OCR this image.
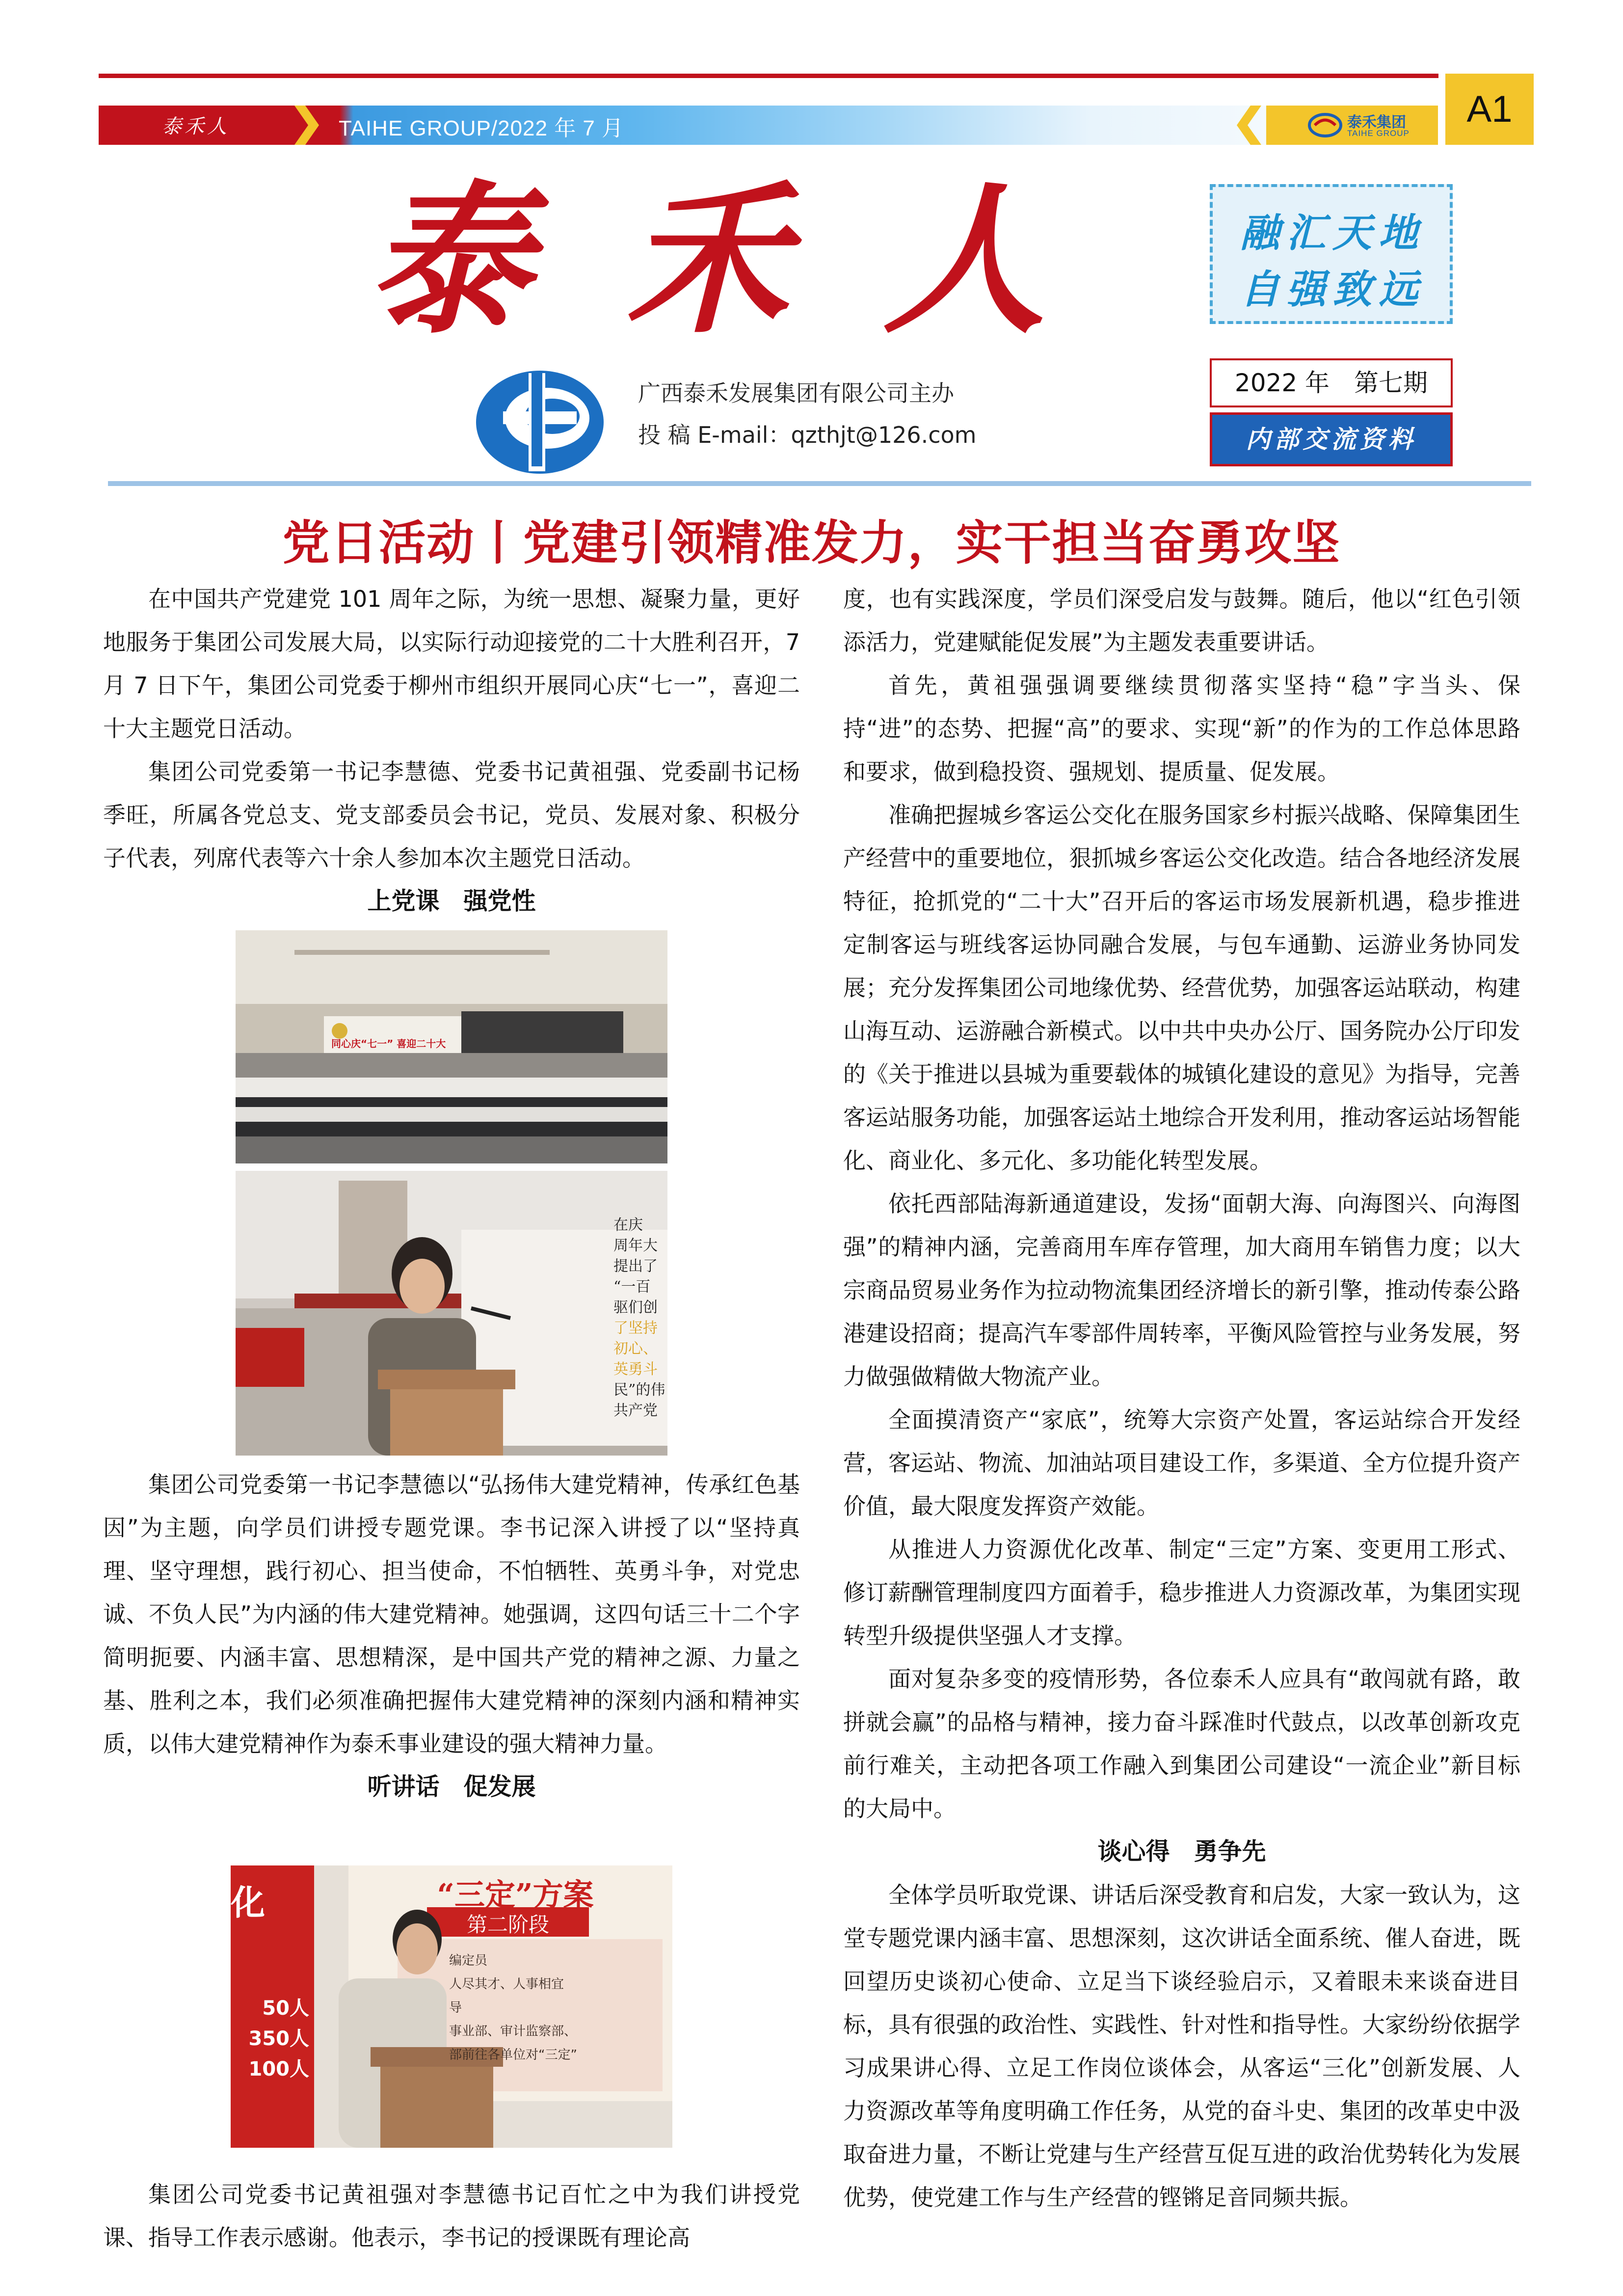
泰禾人	TAIHE GROUP/2022 年 7 月	泰禾集团
TAIHE GROUP
A1
泰 禾 人	融汇天地
自强致远
广西泰禾发展集团有限公司主办
投 稿 E-mail：qzthjt@126.com
2022 年　第七期
内部交流资料
党日活动丨党建引领精准发力，实干担当奋勇攻坚

在中国共产党建党 101 周年之际，为统一思想、凝聚力量，更好地服务于集团公司发展大局，以实际行动迎接党的二十大胜利召开，7 月 7 日下午，集团公司党委于柳州市组织开展同心庆“七一”，喜迎二十大主题党日活动。

集团公司党委第一书记李慧德、党委书记黄祖强、党委副书记杨季旺，所属各党总支、党支部委员会书记，党员、发展对象、积极分子代表，列席代表等六十余人参加本次主题党日活动。

上党课　强党性
同心庆“七一” 喜迎二十大
在庆
周年大
提出了
“一百
驱们创
了坚持
初心、
英勇斗
民”的伟
共产党

集团公司党委第一书记李慧德以“弘扬伟大建党精神，传承红色基因”为主题，向学员们讲授专题党课。李书记深入讲授了以“坚持真理、坚守理想，践行初心、担当使命，不怕牺牲、英勇斗争，对党忠诚、不负人民”为内涵的伟大建党精神。她强调，这四句话三十二个字简明扼要、内涵丰富、思想精深，是中国共产党的精神之源、力量之基、胜利之本，我们必须准确把握伟大建党精神的深刻内涵和精神实质，以伟大建党精神作为泰禾事业建设的强大精神力量。

听讲话　促发展
化
50人
350人
100人
“三定”方案
第二阶段
编定员
人尽其才、人事相宜
导
事业部、审计监察部、
部前往各单位对“三定”

集团公司党委书记黄祖强对李慧德书记百忙之中为我们讲授党课、指导工作表示感谢。他表示，李书记的授课既有理论高

度，也有实践深度，学员们深受启发与鼓舞。随后，他以“红色引领添活力，党建赋能促发展”为主题发表重要讲话。

首先，黄祖强强调要继续贯彻落实坚持“稳”字当头、保持“进”的态势、把握“高”的要求、实现“新”的作为的工作总体思路和要求，做到稳投资、强规划、提质量、促发展。

准确把握城乡客运公交化在服务国家乡村振兴战略、保障集团生产经营中的重要地位，狠抓城乡客运公交化改造。结合各地经济发展特征，抢抓党的“二十大”召开后的客运市场发展新机遇，稳步推进定制客运与班线客运协同融合发展，与包车通勤、运游业务协同发展；充分发挥集团公司地缘优势、经营优势，加强客运站联动，构建山海互动、运游融合新模式。以中共中央办公厅、国务院办公厅印发的《关于推进以县城为重要载体的城镇化建设的意见》为指导，完善客运站服务功能，加强客运站土地综合开发利用，推动客运站场智能化、商业化、多元化、多功能化转型发展。

依托西部陆海新通道建设，发扬“面朝大海、向海图兴、向海图强”的精神内涵，完善商用车库存管理，加大商用车销售力度；以大宗商品贸易业务作为拉动物流集团经济增长的新引擎，推动传泰公路港建设招商；提高汽车零部件周转率，平衡风险管控与业务发展，努力做强做精做大物流产业。

全面摸清资产“家底”，统筹大宗资产处置，客运站综合开发经营，客运站、物流、加油站项目建设工作，多渠道、全方位提升资产价值，最大限度发挥资产效能。

从推进人力资源优化改革、制定“三定”方案、变更用工形式、修订薪酬管理制度四方面着手，稳步推进人力资源改革，为集团实现转型升级提供坚强人才支撑。

面对复杂多变的疫情形势，各位泰禾人应具有“敢闯就有路，敢拼就会赢”的品格与精神，接力奋斗踩准时代鼓点，以改革创新攻克前行难关，主动把各项工作融入到集团公司建设“一流企业”新目标的大局中。

谈心得　勇争先

全体学员听取党课、讲话后深受教育和启发，大家一致认为，这堂专题党课内涵丰富、思想深刻，这次讲话全面系统、催人奋进，既回望历史谈初心使命、立足当下谈经验启示，又着眼未来谈奋进目标，具有很强的政治性、实践性、针对性和指导性。大家纷纷依据学习成果讲心得、立足工作岗位谈体会，从客运“三化”创新发展、人力资源改革等角度明确工作任务，从党的奋斗史、集团的改革史中汲取奋进力量，不断让党建与生产经营互促互进的政治优势转化为发展优势，使党建工作与生产经营的铿锵足音同频共振。
